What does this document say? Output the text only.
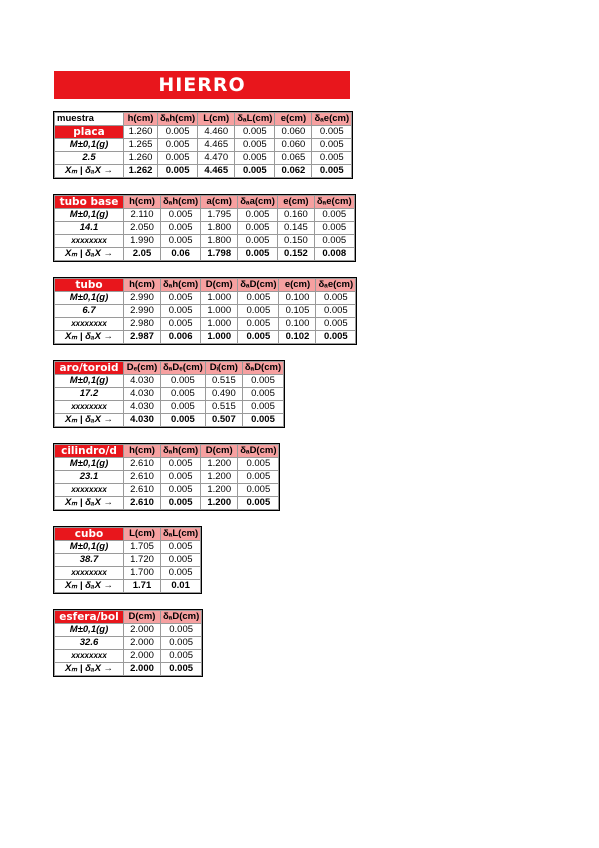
HIERRO
muestra	h(cm)	δₐh(cm)	L(cm)	δₐL(cm)	e(cm)	δₐe(cm)
placa	1.260	0.005	4.460	0.005	0.060	0.005
M±0,1(g)	1.265	0.005	4.465	0.005	0.060	0.005
2.5	1.260	0.005	4.470	0.005	0.065	0.005
Xₘ | δₐX →	1.262	0.005	4.465	0.005	0.062	0.005
tubo base	h(cm)	δₐh(cm)	a(cm)	δₐa(cm)	e(cm)	δₐe(cm)
M±0,1(g)	2.110	0.005	1.795	0.005	0.160	0.005
14.1	2.050	0.005	1.800	0.005	0.145	0.005
xxxxxxxx	1.990	0.005	1.800	0.005	0.150	0.005
Xₘ | δₐX →	2.05	0.06	1.798	0.005	0.152	0.008
tubo	h(cm)	δₐh(cm)	D(cm)	δₐD(cm)	e(cm)	δₐe(cm)
M±0,1(g)	2.990	0.005	1.000	0.005	0.100	0.005
6.7	2.990	0.005	1.000	0.005	0.105	0.005
xxxxxxxx	2.980	0.005	1.000	0.005	0.100	0.005
Xₘ | δₐX →	2.987	0.006	1.000	0.005	0.102	0.005
aro/toroid	Dₑ(cm)	δₐDₑ(cm)	Dᵢ(cm)	δₐD(cm)
M±0,1(g)	4.030	0.005	0.515	0.005
17.2	4.030	0.005	0.490	0.005
xxxxxxxx	4.030	0.005	0.515	0.005
Xₘ | δₐX →	4.030	0.005	0.507	0.005
cilindro/d	h(cm)	δₐh(cm)	D(cm)	δₐD(cm)
M±0,1(g)	2.610	0.005	1.200	0.005
23.1	2.610	0.005	1.200	0.005
xxxxxxxx	2.610	0.005	1.200	0.005
Xₘ | δₐX →	2.610	0.005	1.200	0.005
cubo	L(cm)	δₐL(cm)
M±0,1(g)	1.705	0.005
38.7	1.720	0.005
xxxxxxxx	1.700	0.005
Xₘ | δₐX →	1.71	0.01
esfera/bol	D(cm)	δₐD(cm)
M±0,1(g)	2.000	0.005
32.6	2.000	0.005
xxxxxxxx	2.000	0.005
Xₘ | δₐX →	2.000	0.005
